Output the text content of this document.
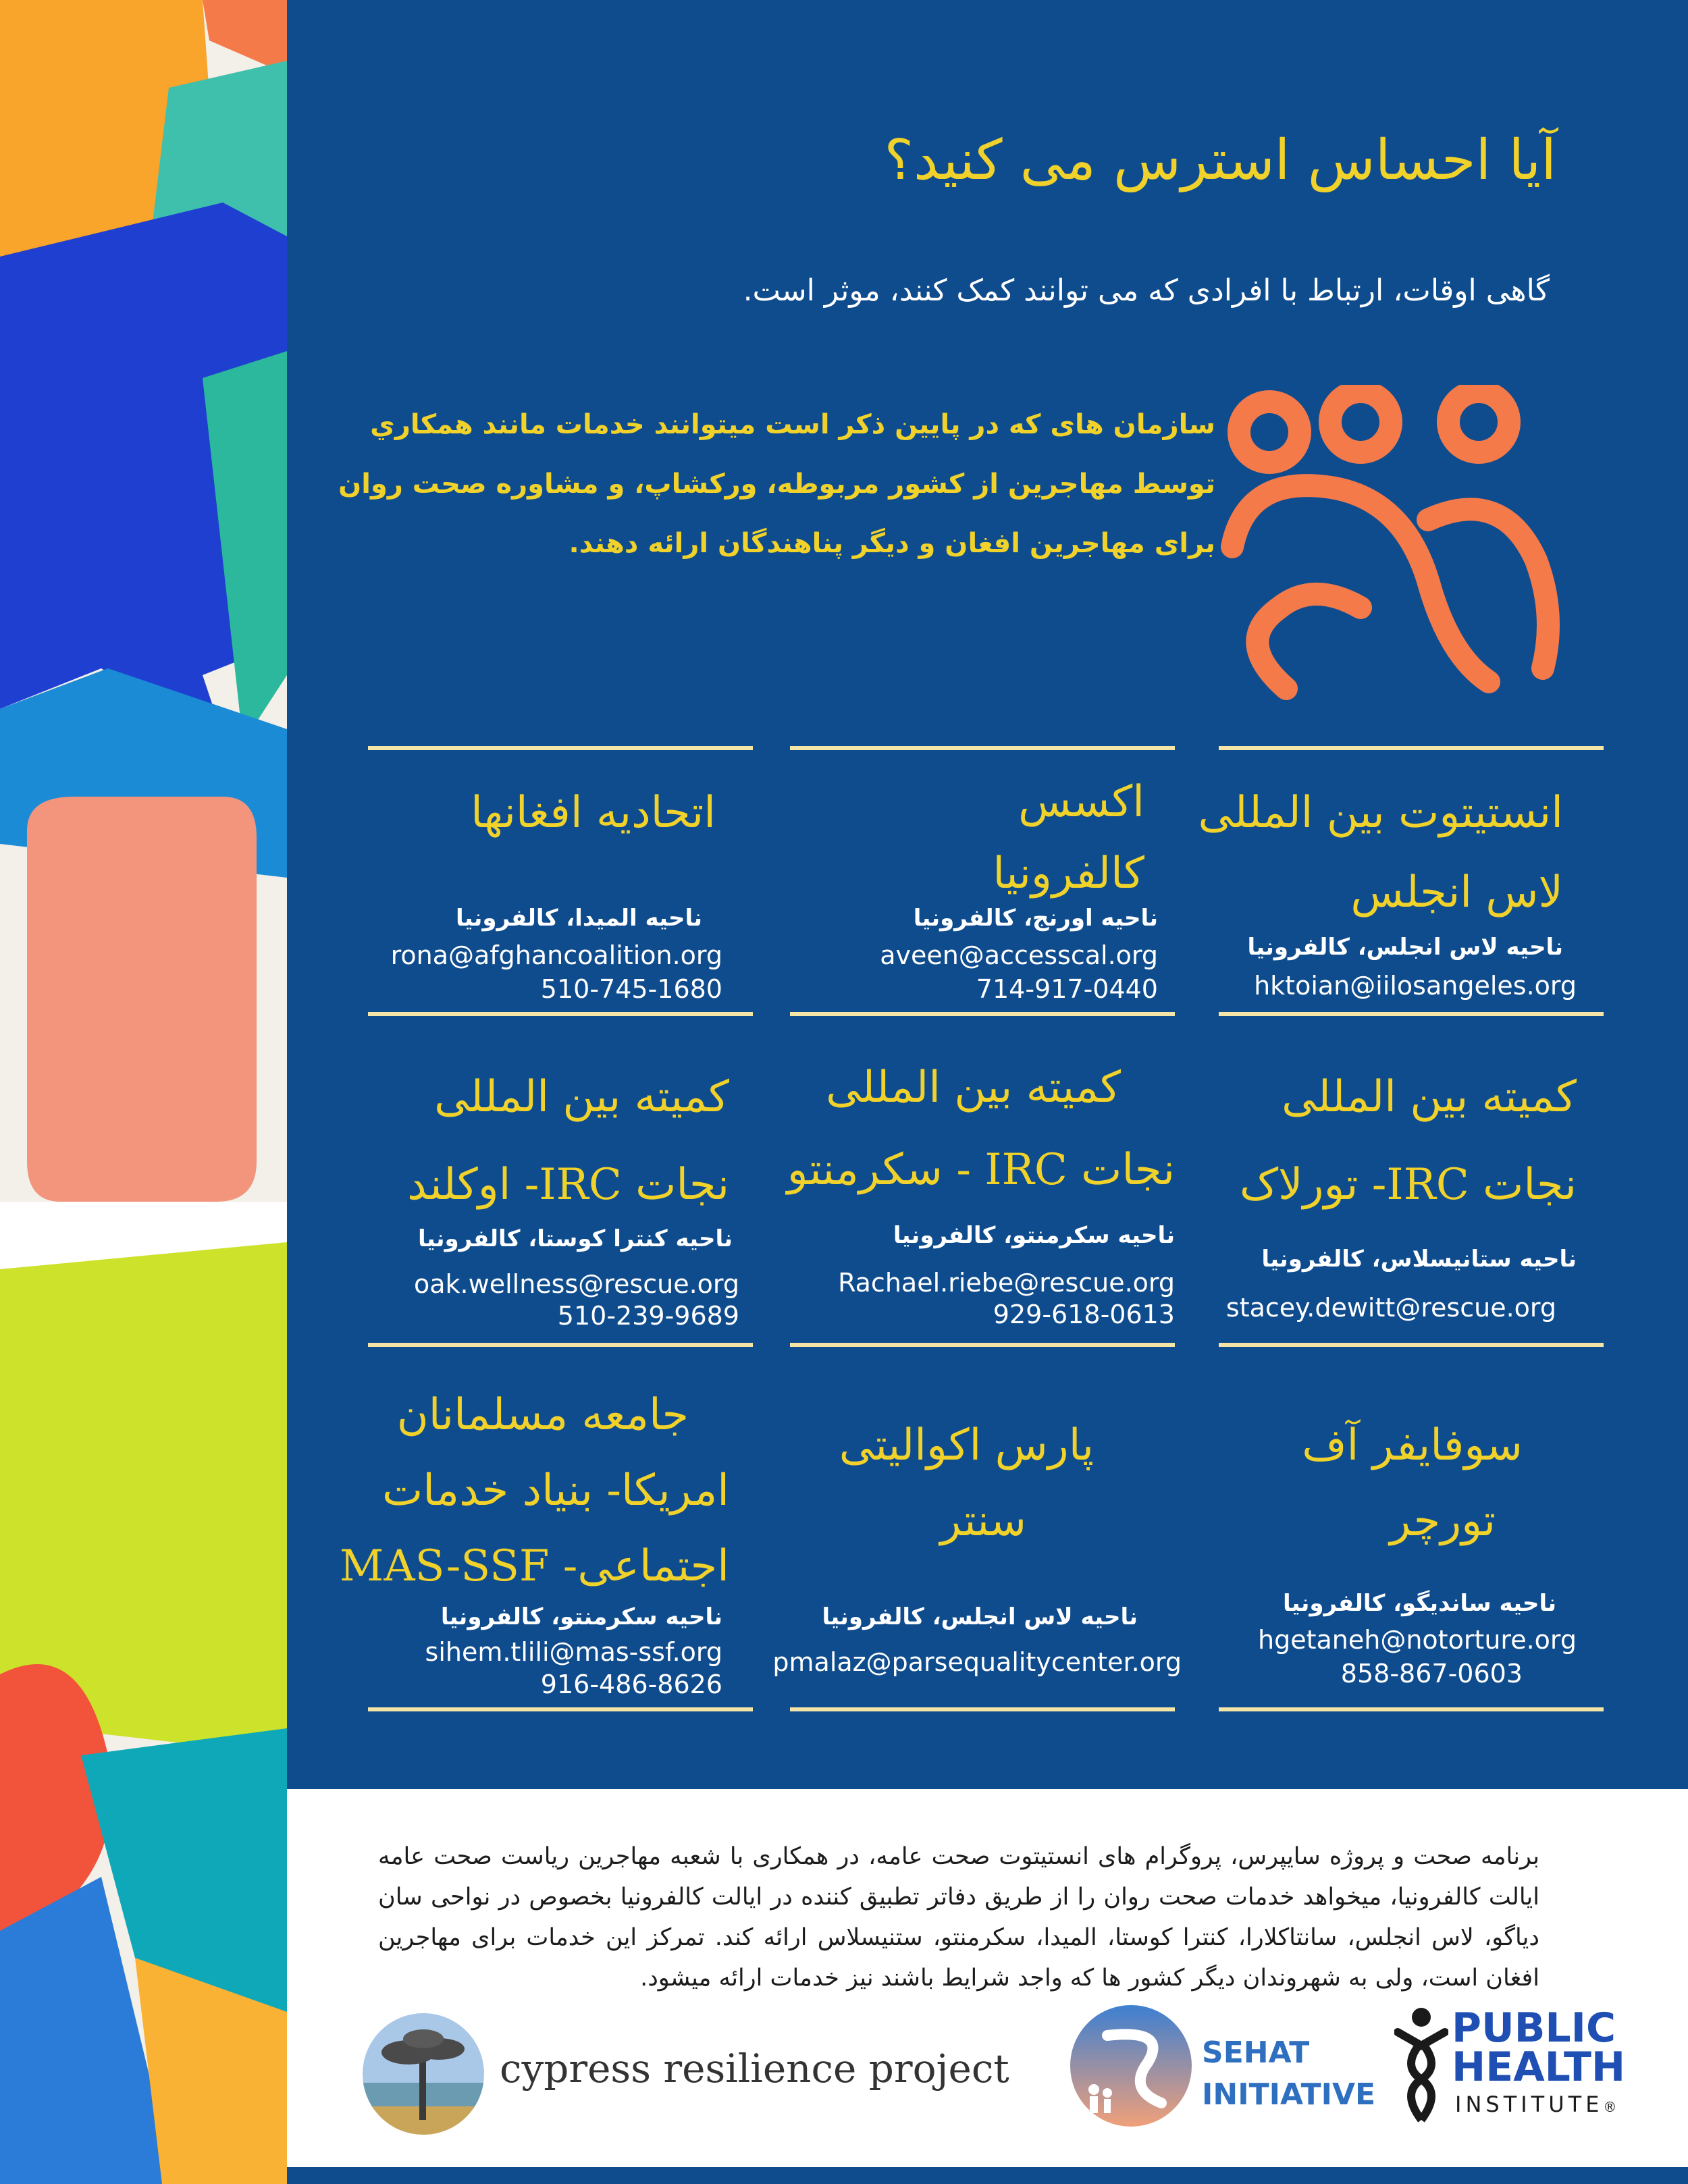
آیا احساس استرس می کنید؟
گاهی اوقات، ارتباط با افرادی که می توانند کمک کنند، موثر است.
سازمان های که در پایین ذکر است میتوانند خدمات مانند همکاري توسط مهاجرین از کشور مربوطه، ورکشاپ، و مشاوره صحت روان برای مهاجرین افغان و دیگر پناهندگان ارائه دهند.
انستیتوت بین المللی
لاس انجلس
ناحیه لاس انجلس، کالفرونیا
hktoian@iilosangeles.org
اکسس
کالفرونیا
ناحیه اورنج، کالفرونیا
aveen@accesscal.org
714-917-0440
اتحادیه افغانها
ناحیه المیدا، کالفرونیا
rona@afghancoalition.org
510-745-1680
کمیته بین المللی
نجات IRC- تورلاک
ناحیه ستانیسلاس، کالفرونیا
stacey.dewitt@rescue.org
کمیته بین المللی
نجات IRC - سکرمنتو
ناحیه سکرمنتو، کالفرونیا
Rachael.riebe@rescue.org
929-618-0613
کمیته بین المللی
نجات IRC- اوکلند
ناحیه کنترا کوستا، کالفرونیا
oak.wellness@rescue.org
510-239-9689
سوفایفر آف
تورچر
ناحیه ساندیگو، کالفرونیا
hgetaneh@notorture.org
858-867-0603
پارس اکوالیتی
سنتر
ناحیه لاس انجلس، کالفرونیا
pmalaz@parsequalitycenter.org
جامعه مسلمانان
امریکا- بنیاد خدمات
اجتماعی- MAS-SSF
ناحیه سکرمنتو، کالفرونیا
sihem.tlili@mas-ssf.org
916-486-8626
برنامه صحت و پروژه سایپرس، پروگرام های انستیتوت صحت عامه، در همکاری با شعبه مهاجرین ریاست صحت عامه ایالت کالفرونیا، میخواهد خدمات صحت روان را از طریق دفاتر تطبیق کننده در ایالت کالفرونیا بخصوص در نواحی سان دیاگو، لاس انجلس، سانتاکلارا، کنترا کوستا، المیدا، سکرمنتو، ستنیسلاس ارائه کند. تمرکز این خدمات برای مهاجرین افغان است، ولی به شهروندان دیگر کشور ها که واجد شرایط باشند نیز خدمات ارائه میشود.
cypress resilience project	SEHAT
INITIATIVE
PUBLIC
HEALTH
INSTITUTE®
